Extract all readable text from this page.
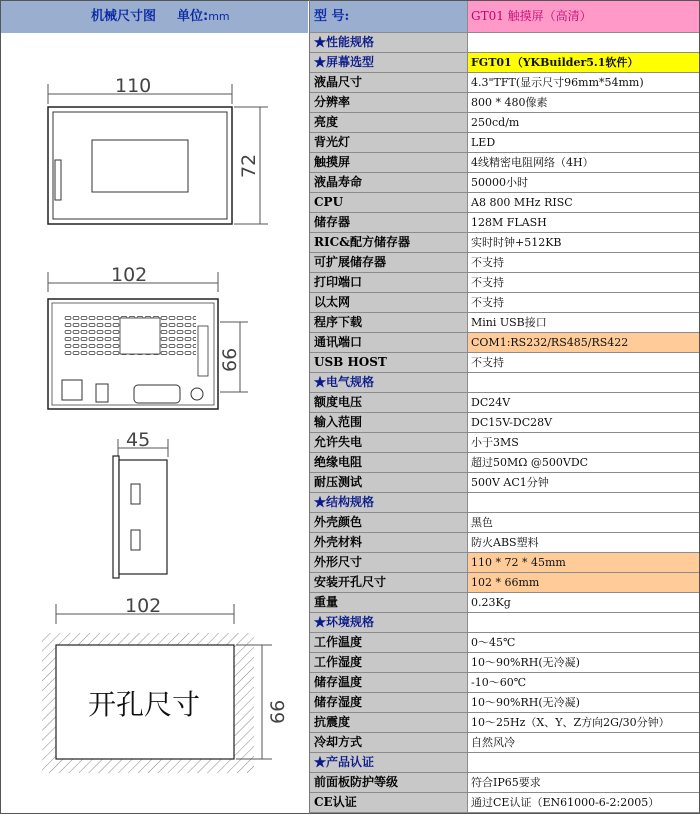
机械尺寸图 单位:mm
110
72
102
66
45
102
开孔尺寸	66
型 号:	GT01 触摸屏（高清）
★性能规格
★屏幕选型	FGT01（YKBuilder5.1软件）
液晶尺寸	4.3"TFT(显示尺寸96mm*54mm)
分辨率	800 * 480像素
亮度	250cd/m
背光灯	LED
触摸屏	4线精密电阻网络（4H）
液晶寿命	50000小时
CPU	A8 800 MHz RISC
储存器	128M FLASH
RIC&配方储存器	实时时钟+512KB
可扩展储存器	不支持
打印端口	不支持
以太网	不支持
程序下载	Mini USB接口
通讯端口	COM1:RS232/RS485/RS422
USB HOST	不支持
★电气规格
额度电压	DC24V
输入范围	DC15V-DC28V
允许失电	小于3MS
绝缘电阻	超过50MΩ @500VDC
耐压测试	500V AC1分钟
★结构规格
外壳颜色	黑色
外壳材料	防火ABS塑料
外形尺寸	110 * 72 * 45mm
安装开孔尺寸	102 * 66mm
重量	0.23Kg
★环境规格
工作温度	0～45℃
工作湿度	10～90%RH(无冷凝)
储存温度	-10～60℃
储存湿度	10～90%RH(无冷凝)
抗震度	10～25Hz（X、Y、Z方向2G/30分钟）
冷却方式	自然风冷
★产品认证
前面板防护等级	符合IP65要求
CE认证	通过CE认证（EN61000-6-2:2005）
